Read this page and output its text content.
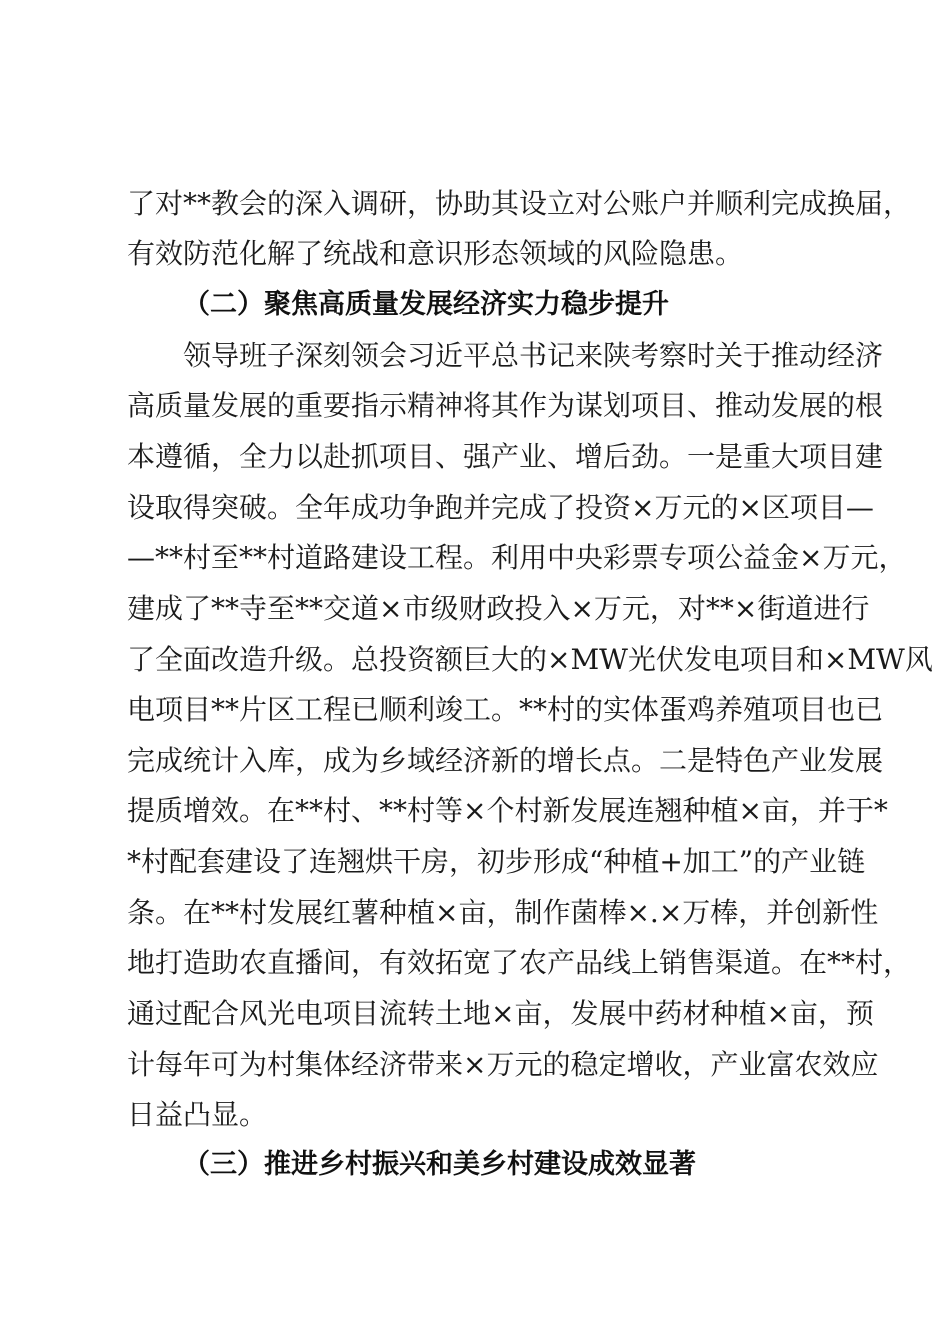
了对**教会的深入调研，协助其设立对公账户并顺利完成换届，
有效防范化解了统战和意识形态领域的风险隐患。
（二）聚焦高质量发展经济实力稳步提升
领导班子深刻领会习近平总书记来陕考察时关于推动经济
高质量发展的重要指示精神将其作为谋划项目、推动发展的根
本遵循，全力以赴抓项目、强产业、增后劲。一是重大项目建
设取得突破。全年成功争跑并完成了投资×万元的×区项目—
—**村至**村道路建设工程。利用中央彩票专项公益金×万元，
建成了**寺至**交道×市级财政投入×万元，对**×街道进行
了全面改造升级。总投资额巨大的×MW光伏发电项目和×MW风
电项目**片区工程已顺利竣工。**村的实体蛋鸡养殖项目也已
完成统计入库，成为乡域经济新的增长点。二是特色产业发展
提质增效。在**村、**村等×个村新发展连翘种植×亩，并于*
*村配套建设了连翘烘干房，初步形成“种植+加工”的产业链
条。在**村发展红薯种植×亩，制作菌棒×.×万棒，并创新性
地打造助农直播间，有效拓宽了农产品线上销售渠道。在**村，
通过配合风光电项目流转土地×亩，发展中药材种植×亩，预
计每年可为村集体经济带来×万元的稳定增收，产业富农效应
日益凸显。
（三）推进乡村振兴和美乡村建设成效显著
